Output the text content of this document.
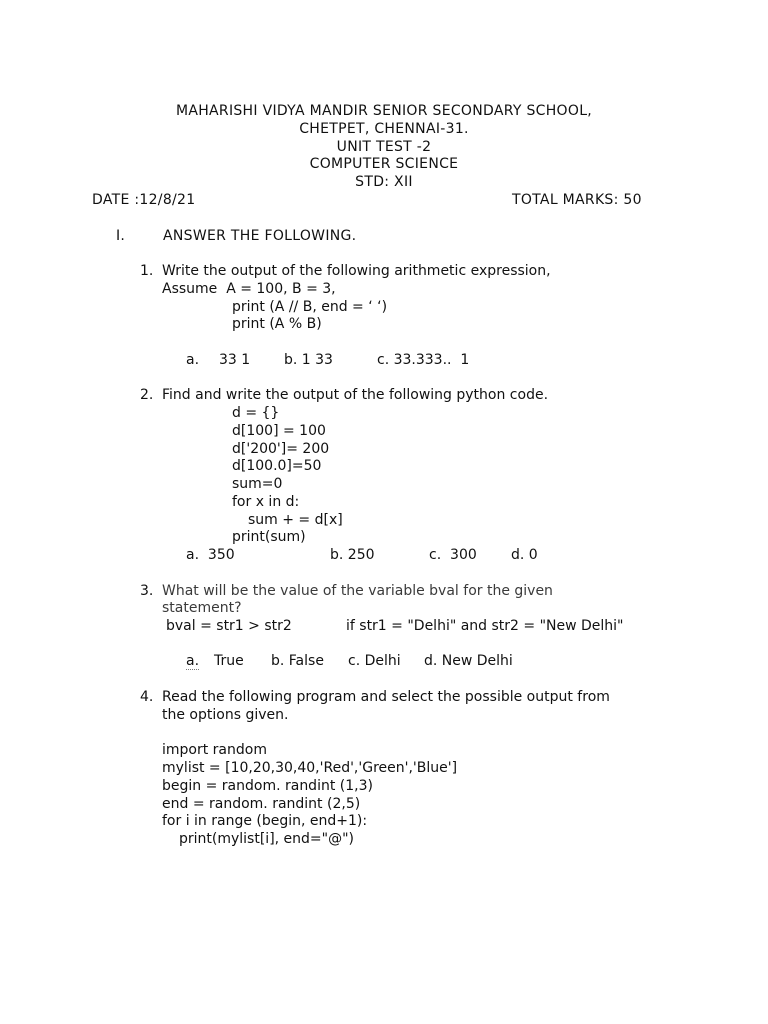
MAHARISHI VIDYA MANDIR SENIOR SECONDARY SCHOOL,
CHETPET, CHENNAI-31.
UNIT TEST -2
COMPUTER SCIENCE
STD: XII
DATE :12/8/21	TOTAL MARKS: 50
I.	ANSWER THE FOLLOWING.
1. Write the output of the following arithmetic expression,
Assume  A = 100, B = 3,
print (A // B, end = ‘ ‘)
print (A % B)
a. 33 1 b. 1 33	c. 33.333..  1
2. Find and write the output of the following python code.
d = {}
d[100] = 100
d['200']= 200
d[100.0]=50
sum=0
for x in d:
sum + = d[x]
print(sum)
a.  350	b. 250	c.  300 d. 0
3. What will be the value of the variable bval for the given
statement?
bval = str1 > str2	if str1 = "Delhi" and str2 = "New Delhi"
a. True b. False c. Delhi d. New Delhi
4. Read the following program and select the possible output from
the options given.
import random
mylist = [10,20,30,40,'Red','Green','Blue']
begin = random. randint (1,3)
end = random. randint (2,5)
for i in range (begin, end+1):
print(mylist[i], end="@")
